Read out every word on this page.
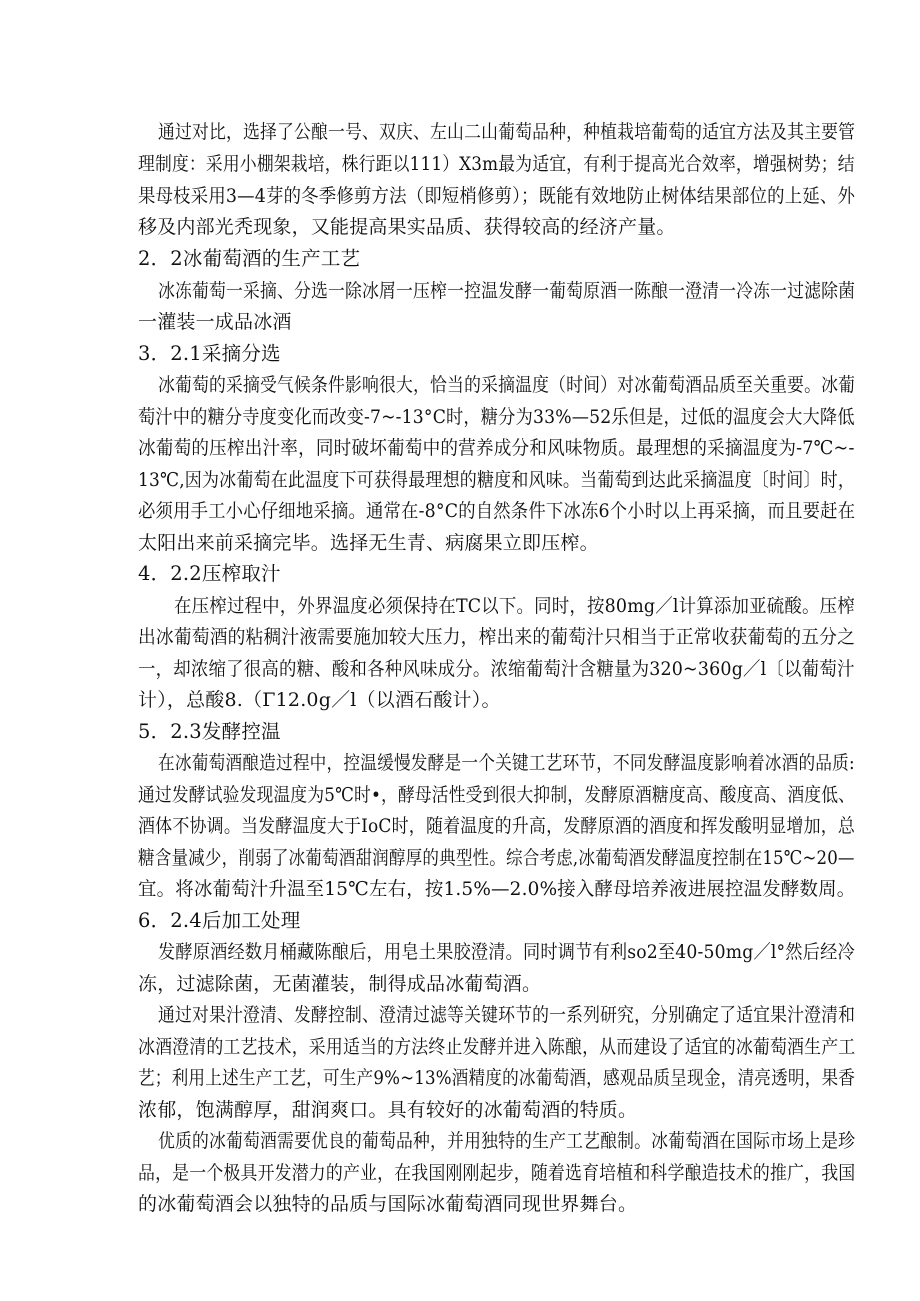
通过对比，选择了公酿一号、双庆、左山二山葡萄品种，种植栽培葡萄的适宜方法及其主要管
理制度：采用小棚架栽培，株行距以111）X3m最为适宜，有利于提高光合效率，增强树势；结
果母枝采用3—4芽的冬季修剪方法（即短梢修剪）；既能有效地防止树体结果部位的上延、外
移及内部光秃现象，又能提高果实品质、获得较高的经济产量。
2．2冰葡萄酒的生产工艺
冰冻葡萄一采摘、分选一除冰屑一压榨一控温发酵一葡萄原酒一陈酿一澄清一冷冻一过滤除菌
一灌装一成品冰酒
3．2.1采摘分选
冰葡萄的采摘受气候条件影响很大，恰当的采摘温度（时间）对冰葡萄酒品质至关重要。冰葡
萄汁中的糖分寺度变化而改变-7~-13°C时，糖分为33%—52乐但是，过低的温度会大大降低
冰葡萄的压榨出汁率，同时破坏葡萄中的营养成分和风味物质。最理想的采摘温度为-7℃~-
13℃,因为冰葡萄在此温度下可获得最理想的糖度和风味。当葡萄到达此采摘温度〔时间〕时，
必须用手工小心仔细地采摘。通常在-8°C的自然条件下冰冻6个小时以上再采摘，而且要赶在
太阳出来前采摘完毕。选择无生青、病腐果立即压榨。
4．2.2压榨取汁
在压榨过程中，外界温度必须保持在TC以下。同时，按80mg／l计算添加亚硫酸。压榨
出冰葡萄酒的粘稠汁液需要施加较大压力，榨出来的葡萄汁只相当于正常收获葡萄的五分之
一，却浓缩了很高的糖、酸和各种风味成分。浓缩葡萄汁含糖量为320~360g／l〔以葡萄汁
计），总酸8.（Γ12.0g／l（以酒石酸计）。
5．2.3发酵控温
在冰葡萄酒酿造过程中，控温缓慢发酵是一个关键工艺环节，不同发酵温度影响着冰酒的品质:
通过发酵试验发现温度为5℃时•，酵母活性受到很大抑制，发酵原酒糖度高、酸度高、酒度低、
酒体不协调。当发酵温度大于IoC时，随着温度的升高，发酵原酒的酒度和挥发酸明显增加，总
糖含量减少，削弱了冰葡萄酒甜润醇厚的典型性。综合考虑,冰葡萄酒发酵温度控制在15℃~20—
宜。将冰葡萄汁升温至15℃左右，按1.5%—2.0%接入酵母培养液进展控温发酵数周。
6．2.4后加工处理
发酵原酒经数月桶藏陈酿后，用皂土果胶澄清。同时调节有利so2至40-50mg／l°然后经冷
冻，过滤除菌，无菌灌装，制得成品冰葡萄酒。
通过对果汁澄清、发酵控制、澄清过滤等关键环节的一系列研究，分别确定了适宜果汁澄清和
冰酒澄清的工艺技术，采用适当的方法终止发酵并进入陈酿，从而建设了适宜的冰葡萄酒生产工
艺；利用上述生产工艺，可生产9%~13%酒精度的冰葡萄酒，感观品质呈现金，清亮透明，果香
浓郁，饱满醇厚，甜润爽口。具有较好的冰葡萄酒的特质。
优质的冰葡萄酒需要优良的葡萄品种，并用独特的生产工艺酿制。冰葡萄酒在国际市场上是珍
品，是一个极具开发潜力的产业，在我国刚刚起步，随着选育培植和科学酿造技术的推广，我国
的冰葡萄酒会以独特的品质与国际冰葡萄酒同现世界舞台。
